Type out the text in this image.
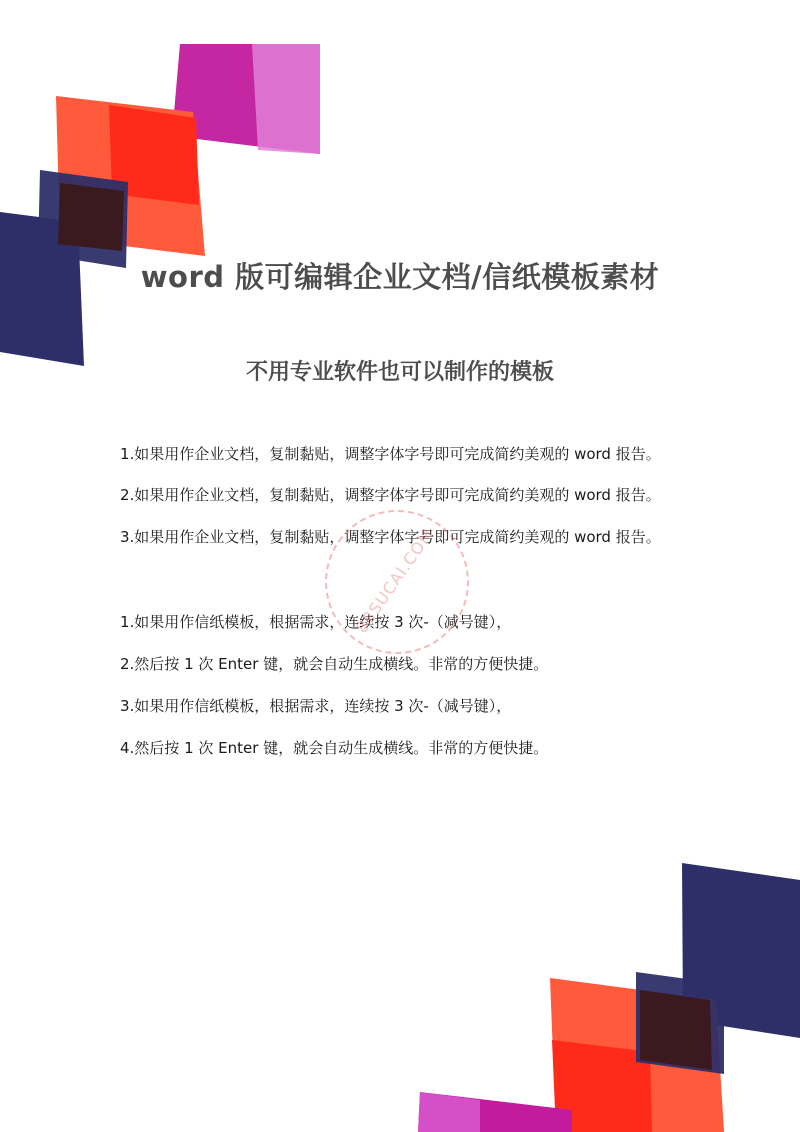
word 版可编辑企业文档/信纸模板素材
不用专业软件也可以制作的模板
1.如果用作企业文档，复制黏贴，调整字体字号即可完成简约美观的 word 报告。
2.如果用作企业文档，复制黏贴，调整字体字号即可完成简约美观的 word 报告。
3.如果用作企业文档，复制黏贴，调整字体字号即可完成简约美观的 word 报告。
1.如果用作信纸模板，根据需求，连续按 3 次-（减号键），
2.然后按 1 次 Enter 键，就会自动生成横线。非常的方便快捷。
3.如果用作信纸模板，根据需求，连续按 3 次-（减号键），
4.然后按 1 次 Enter 键，就会自动生成横线。非常的方便快捷。
88SUCAI.COM
